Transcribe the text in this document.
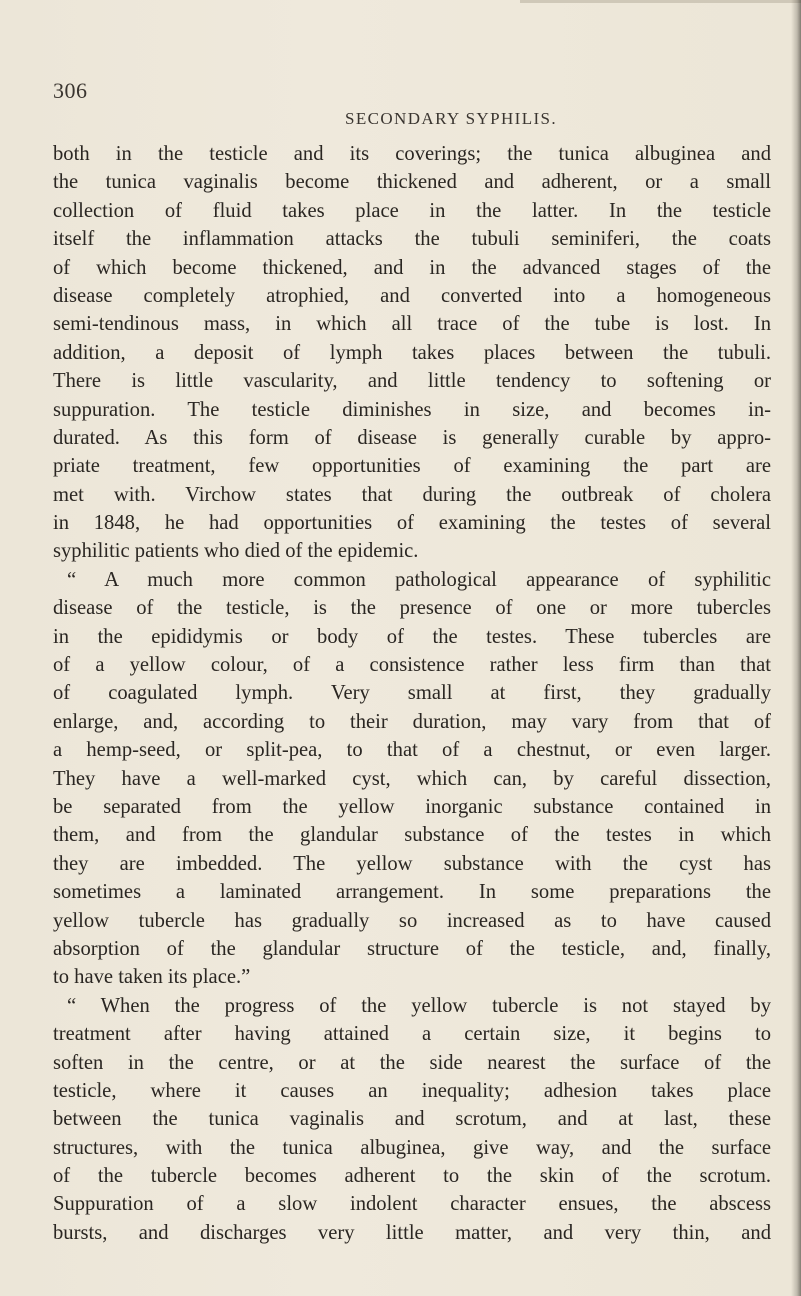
306
SECONDARY SYPHILIS.
both in the testicle and its coverings; the tunica albuginea and
the tunica vaginalis become thickened and adherent, or a small
collection of fluid takes place in the latter. In the testicle
itself the inflammation attacks the tubuli seminiferi, the coats
of which become thickened, and in the advanced stages of the
disease completely atrophied, and converted into a homogeneous
semi-tendinous mass, in which all trace of the tube is lost. In
addition, a deposit of lymph takes places between the tubuli.
There is little vascularity, and little tendency to softening or
suppuration. The testicle diminishes in size, and becomes in-
durated. As this form of disease is generally curable by appro-
priate treatment, few opportunities of examining the part are
met with. Virchow states that during the outbreak of cholera
in 1848, he had opportunities of examining the testes of several
syphilitic patients who died of the epidemic.
“ A much more common pathological appearance of syphilitic
disease of the testicle, is the presence of one or more tubercles
in the epididymis or body of the testes. These tubercles are
of a yellow colour, of a consistence rather less firm than that
of coagulated lymph. Very small at first, they gradually
enlarge, and, according to their duration, may vary from that of
a hemp-seed, or split-pea, to that of a chestnut, or even larger.
They have a well-marked cyst, which can, by careful dissection,
be separated from the yellow inorganic substance contained in
them, and from the glandular substance of the testes in which
they are imbedded. The yellow substance with the cyst has
sometimes a laminated arrangement. In some preparations the
yellow tubercle has gradually so increased as to have caused
absorption of the glandular structure of the testicle, and, finally,
to have taken its place.”
“ When the progress of the yellow tubercle is not stayed by
treatment after having attained a certain size, it begins to
soften in the centre, or at the side nearest the surface of the
testicle, where it causes an inequality; adhesion takes place
between the tunica vaginalis and scrotum, and at last, these
structures, with the tunica albuginea, give way, and the surface
of the tubercle becomes adherent to the skin of the scrotum.
Suppuration of a slow indolent character ensues, the abscess
bursts, and discharges very little matter, and very thin, and
